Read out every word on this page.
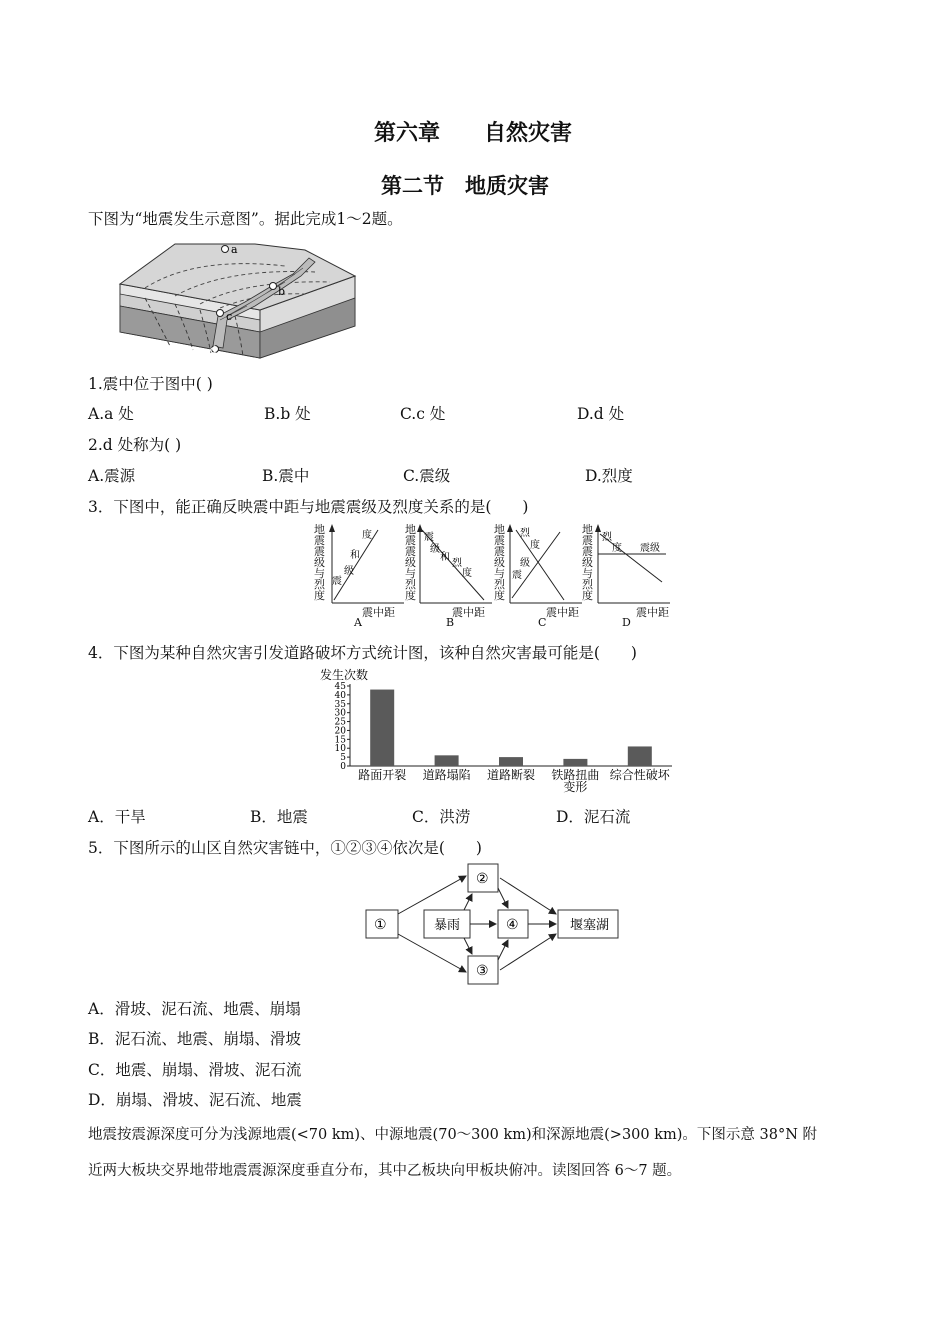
第六章　　自然灾害
第二节　地质灾害
下图为“地震发生示意图”。据此完成1～2题。
a
b
c
d
1.震中位于图中( )
A.a 处	B.b 处	C.c 处	D.d 处
2.d 处称为( )
A.震源	B.震中	C.震级	D.烈度
3．下图中，能正确反映震中距与地震震级及烈度关系的是(　　)
地震震级与烈度
度
和
级
震
震中距
A
地震震级与烈度
震
级
和
烈
度
震中距
B
地震震级与烈度
烈
度
级
震
震中距
C
地震震级与烈度
烈
度 震级
震中距
D
4．下图为某种自然灾害引发道路破坏方式统计图，该种自然灾害最可能是(　　)
发生次数
0
5
10
15
20
25
30
35
40
45
路面开裂 道路塌陷 道路断裂 铁路扭曲
变形
综合性破坏
A．干旱	B．地震	C．洪涝	D．泥石流
5．下图所示的山区自然灾害链中，①②③④依次是(　　)
①	暴雨
②
③
④	堰塞湖
A．滑坡、泥石流、地震、崩塌
B．泥石流、地震、崩塌、滑坡
C．地震、崩塌、滑坡、泥石流
D．崩塌、滑坡、泥石流、地震
地震按震源深度可分为浅源地震(<70 km)、中源地震(70～300 km)和深源地震(>300 km)。下图示意 38°N 附
近两大板块交界地带地震震源深度垂直分布，其中乙板块向甲板块俯冲。读图回答 6～7 题。
